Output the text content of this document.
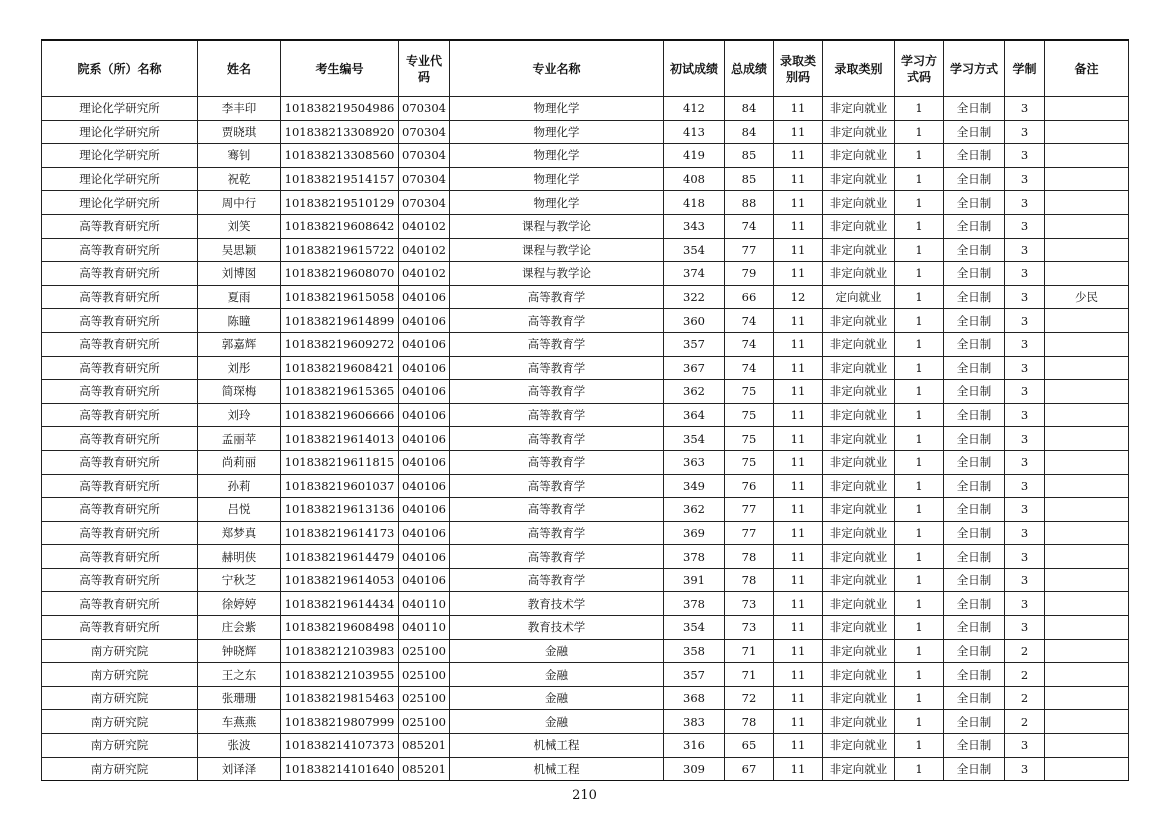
院系（所）名称	姓名	考生编号	专业代码	专业名称	初试成绩	总成绩	录取类别码	录取类别	学习方式码	学习方式	学制	备注
理论化学研究所	李丰印	101838219504986	070304	物理化学	412	84	11	非定向就业	1	全日制	3	
理论化学研究所	贾晓琪	101838213308920	070304	物理化学	413	84	11	非定向就业	1	全日制	3	
理论化学研究所	骞钊	101838213308560	070304	物理化学	419	85	11	非定向就业	1	全日制	3	
理论化学研究所	祝乾	101838219514157	070304	物理化学	408	85	11	非定向就业	1	全日制	3	
理论化学研究所	周中行	101838219510129	070304	物理化学	418	88	11	非定向就业	1	全日制	3	
高等教育研究所	刘笑	101838219608642	040102	课程与教学论	343	74	11	非定向就业	1	全日制	3	
高等教育研究所	吴思颖	101838219615722	040102	课程与教学论	354	77	11	非定向就业	1	全日制	3	
高等教育研究所	刘博囡	101838219608070	040102	课程与教学论	374	79	11	非定向就业	1	全日制	3	
高等教育研究所	夏雨	101838219615058	040106	高等教育学	322	66	12	定向就业	1	全日制	3	少民
高等教育研究所	陈瞳	101838219614899	040106	高等教育学	360	74	11	非定向就业	1	全日制	3	
高等教育研究所	郭嘉辉	101838219609272	040106	高等教育学	357	74	11	非定向就业	1	全日制	3	
高等教育研究所	刘彤	101838219608421	040106	高等教育学	367	74	11	非定向就业	1	全日制	3	
高等教育研究所	简琛梅	101838219615365	040106	高等教育学	362	75	11	非定向就业	1	全日制	3	
高等教育研究所	刘玲	101838219606666	040106	高等教育学	364	75	11	非定向就业	1	全日制	3	
高等教育研究所	孟丽苹	101838219614013	040106	高等教育学	354	75	11	非定向就业	1	全日制	3	
高等教育研究所	尚莉丽	101838219611815	040106	高等教育学	363	75	11	非定向就业	1	全日制	3	
高等教育研究所	孙莉	101838219601037	040106	高等教育学	349	76	11	非定向就业	1	全日制	3	
高等教育研究所	吕悦	101838219613136	040106	高等教育学	362	77	11	非定向就业	1	全日制	3	
高等教育研究所	郑梦真	101838219614173	040106	高等教育学	369	77	11	非定向就业	1	全日制	3	
高等教育研究所	赫明侠	101838219614479	040106	高等教育学	378	78	11	非定向就业	1	全日制	3	
高等教育研究所	宁秋芝	101838219614053	040106	高等教育学	391	78	11	非定向就业	1	全日制	3	
高等教育研究所	徐婷婷	101838219614434	040110	教育技术学	378	73	11	非定向就业	1	全日制	3	
高等教育研究所	庄会紫	101838219608498	040110	教育技术学	354	73	11	非定向就业	1	全日制	3	
南方研究院	钟晓辉	101838212103983	025100	金融	358	71	11	非定向就业	1	全日制	2	
南方研究院	王之东	101838212103955	025100	金融	357	71	11	非定向就业	1	全日制	2	
南方研究院	张珊珊	101838219815463	025100	金融	368	72	11	非定向就业	1	全日制	2	
南方研究院	车燕燕	101838219807999	025100	金融	383	78	11	非定向就业	1	全日制	2	
南方研究院	张波	101838214107373	085201	机械工程	316	65	11	非定向就业	1	全日制	3	
南方研究院	刘译泽	101838214101640	085201	机械工程	309	67	11	非定向就业	1	全日制	3	
210
